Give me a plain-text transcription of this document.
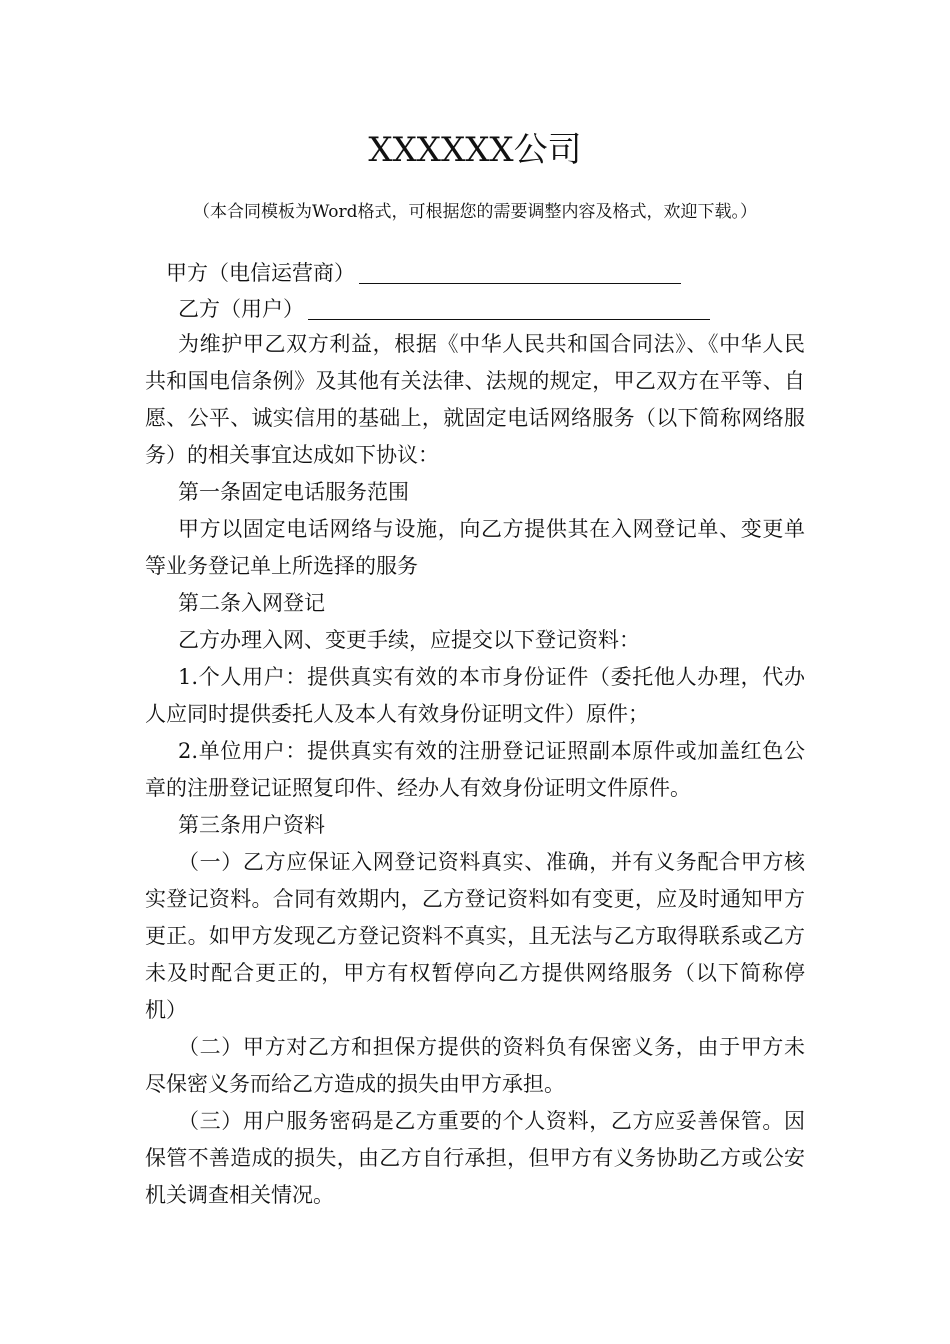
XXXXXX公司
（本合同模板为Word格式，可根据您的需要调整内容及格式，欢迎下载。）
甲方（电信运营商）
乙方（用户）

为维护甲乙双方利益，根据《中华人民共和国合同法》、《中华人民共和国电信条例》及其他有关法律、法规的规定，甲乙双方在平等、自愿、公平、诚实信用的基础上，就固定电话网络服务（以下简称网络服务）的相关事宜达成如下协议：

第一条固定电话服务范围

甲方以固定电话网络与设施，向乙方提供其在入网登记单、变更单等业务登记单上所选择的服务

第二条入网登记

乙方办理入网、变更手续，应提交以下登记资料：

1.个人用户：提供真实有效的本市身份证件（委托他人办理，代办人应同时提供委托人及本人有效身份证明文件）原件；

2.单位用户：提供真实有效的注册登记证照副本原件或加盖红色公章的注册登记证照复印件、经办人有效身份证明文件原件。

第三条用户资料

（一）乙方应保证入网登记资料真实、准确，并有义务配合甲方核实登记资料。合同有效期内，乙方登记资料如有变更，应及时通知甲方更正。如甲方发现乙方登记资料不真实，且无法与乙方取得联系或乙方未及时配合更正的，甲方有权暂停向乙方提供网络服务（以下简称停机）

（二）甲方对乙方和担保方提供的资料负有保密义务，由于甲方未尽保密义务而给乙方造成的损失由甲方承担。

（三）用户服务密码是乙方重要的个人资料，乙方应妥善保管。因保管不善造成的损失，由乙方自行承担，但甲方有义务协助乙方或公安机关调查相关情况。
